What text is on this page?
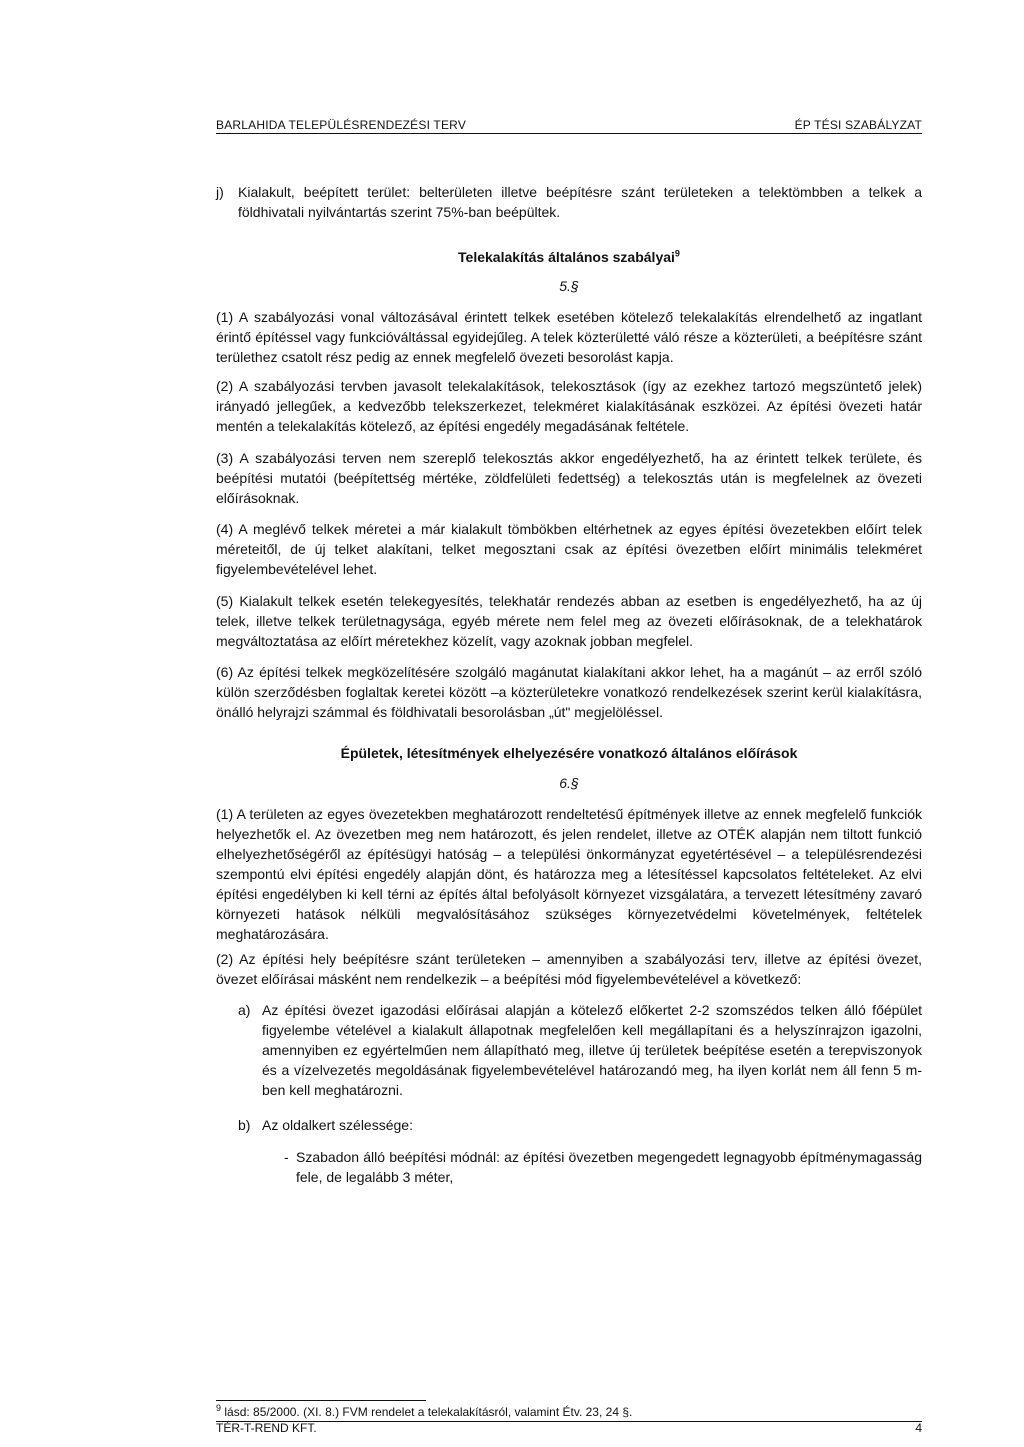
BARLAHIDA TELEPÜLÉSRENDEZÉSI TERV	ÉP TÉSI SZABÁLYZAT
j)	Kialakult, beépített terület: belterületen illetve beépítésre szánt területeken a telektömbben a telkek a földhivatali nyilvántartás szerint 75%-ban beépültek.
Telekalakítás általános szabályai$^9$
5.§
(1) A szabályozási vonal változásával érintett telkek esetében kötelező telekalakítás elrendelhető az ingatlant érintő építéssel vagy funkcióváltással egyidejűleg. A telek közterületté váló része a közterületi, a beépítésre szánt területhez csatolt rész pedig az ennek megfelelő övezeti besorolást kapja.
(2) A szabályozási tervben javasolt telekalakítások, telekosztások (így az ezekhez tartozó megszüntető jelek) irányadó jellegűek, a kedvezőbb telekszerkezet, telekméret kialakításának eszközei. Az építési övezeti határ mentén a telekalakítás kötelező, az építési engedély megadásának feltétele.
(3) A szabályozási terven nem szereplő telekosztás akkor engedélyezhető, ha az érintett telkek területe, és beépítési mutatói (beépítettség mértéke, zöldfelületi fedettség) a telekosztás után is megfelelnek az övezeti előírásoknak.
(4) A meglévő telkek méretei a már kialakult tömbökben eltérhetnek az egyes építési övezetekben előírt telek méreteitől, de új telket alakítani, telket megosztani csak az építési övezetben előírt minimális telekméret figyelembevételével lehet.
(5) Kialakult telkek esetén telekegyesítés, telekhatár rendezés abban az esetben is engedélyezhető, ha az új telek, illetve telkek területnagysága, egyéb mérete nem felel meg az övezeti előírásoknak, de a telekhatárok megváltoztatása az előírt méretekhez közelít, vagy azoknak jobban megfelel.
(6) Az építési telkek megközelítésére szolgáló magánutat kialakítani akkor lehet, ha a magánút – az erről szóló külön szerződésben foglaltak keretei között –a közterületekre vonatkozó rendelkezések szerint kerül kialakításra, önálló helyrajzi számmal és földhivatali besorolásban „út" megjelöléssel.
Épületek, létesítmények elhelyezésére vonatkozó általános előírások
6.§
(1) A területen az egyes övezetekben meghatározott rendeltetésű építmények illetve az ennek megfelelő funkciók helyezhetők el. Az övezetben meg nem határozott, és jelen rendelet, illetve az OTÉK alapján nem tiltott funkció elhelyezhetőségéről az építésügyi hatóság – a települési önkormányzat egyetértésével – a településrendezési szempontú elvi építési engedély alapján dönt, és határozza meg a létesítéssel kapcsolatos feltételeket. Az elvi építési engedélyben ki kell térni az építés által befolyásolt környezet vizsgálatára, a tervezett létesítmény zavaró környezeti hatások nélküli megvalósításához szükséges környezetvédelmi követelmények, feltételek meghatározására.
(2) Az építési hely beépítésre szánt területeken – amennyiben a szabályozási terv, illetve az építési övezet, övezet előírásai másként nem rendelkezik – a beépítési mód figyelembevételével a következő:
a) Az építési övezet igazodási előírásai alapján a kötelező előkertet 2-2 szomszédos telken álló főépület figyelembe vételével a kialakult állapotnak megfelelően kell megállapítani és a helyszínrajzon igazolni, amennyiben ez egyértelműen nem állapítható meg, illetve új területek beépítése esetén a terepviszonyok és a vízelvezetés megoldásának figyelembevételével határozandó meg, ha ilyen korlát nem áll fenn 5 m-ben kell meghatározni.
b) Az oldalkert szélessége:
- Szabadon álló beépítési módnál: az építési övezetben megengedett legnagyobb építménymagasság fele, de legalább 3 méter,
$^9$ lásd: 85/2000. (XI. 8.) FVM rendelet a telekalakításról, valamint Étv. 23, 24 §.
TÉR-T-REND KFT.	4
